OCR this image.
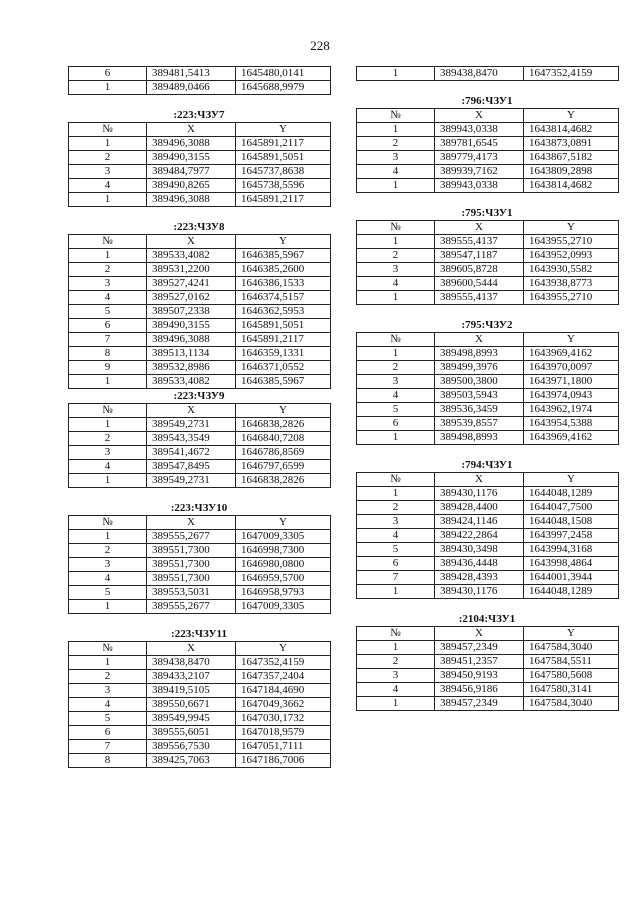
228
6	389481,5413	1645480,0141
1	389489,0466	1645688,9979
:223:ЧЗУ7
№	X	Y
1	389496,3088	1645891,2117
2	389490,3155	1645891,5051
3	389484,7977	1645737,8638
4	389490,8265	1645738,5596
1	389496,3088	1645891,2117
:223:ЧЗУ8
№	X	Y
1	389533,4082	1646385,5967
2	389531,2200	1646385,2600
3	389527,4241	1646386,1533
4	389527,0162	1646374,5157
5	389507,2338	1646362,5953
6	389490,3155	1645891,5051
7	389496,3088	1645891,2117
8	389513,1134	1646359,1331
9	389532,8986	1646371,0552
1	389533,4082	1646385,5967
:223:ЧЗУ9
№	X	Y
1	389549,2731	1646838,2826
2	389543,3549	1646840,7208
3	389541,4672	1646786,8569
4	389547,8495	1646797,6599
1	389549,2731	1646838,2826
:223:ЧЗУ10
№	X	Y
1	389555,2677	1647009,3305
2	389551,7300	1646998,7300
3	389551,7300	1646980,0800
4	389551,7300	1646959,5700
5	389553,5031	1646958,9793
1	389555,2677	1647009,3305
:223:ЧЗУ11
№	X	Y
1	389438,8470	1647352,4159
2	389433,2107	1647357,2404
3	389419,5105	1647184,4690
4	389550,6671	1647049,3662
5	389549,9945	1647030,1732
6	389555,6051	1647018,9579
7	389556,7530	1647051,7111
8	389425,7063	1647186,7006
1	389438,8470	1647352,4159
:796:ЧЗУ1
№	X	Y
1	389943,0338	1643814,4682
2	389781,6545	1643873,0891
3	389779,4173	1643867,5182
4	389939,7162	1643809,2898
1	389943,0338	1643814,4682
:795:ЧЗУ1
№	X	Y
1	389555,4137	1643955,2710
2	389547,1187	1643952,0993
3	389605,8728	1643930,5582
4	389600,5444	1643938,8773
1	389555,4137	1643955,2710
:795:ЧЗУ2
№	X	Y
1	389498,8993	1643969,4162
2	389499,3976	1643970,0097
3	389500,3800	1643971,1800
4	389503,5943	1643974,0943
5	389536,3459	1643962,1974
6	389539,8557	1643954,5388
1	389498,8993	1643969,4162
:794:ЧЗУ1
№	X	Y
1	389430,1176	1644048,1289
2	389428,4400	1644047,7500
3	389424,1146	1644048,1508
4	389422,2864	1643997,2458
5	389430,3498	1643994,3168
6	389436,4448	1643998,4864
7	389428,4393	1644001,3944
1	389430,1176	1644048,1289
:2104:ЧЗУ1
№	X	Y
1	389457,2349	1647584,3040
2	389451,2357	1647584,5511
3	389450,9193	1647580,5608
4	389456,9186	1647580,3141
1	389457,2349	1647584,3040
